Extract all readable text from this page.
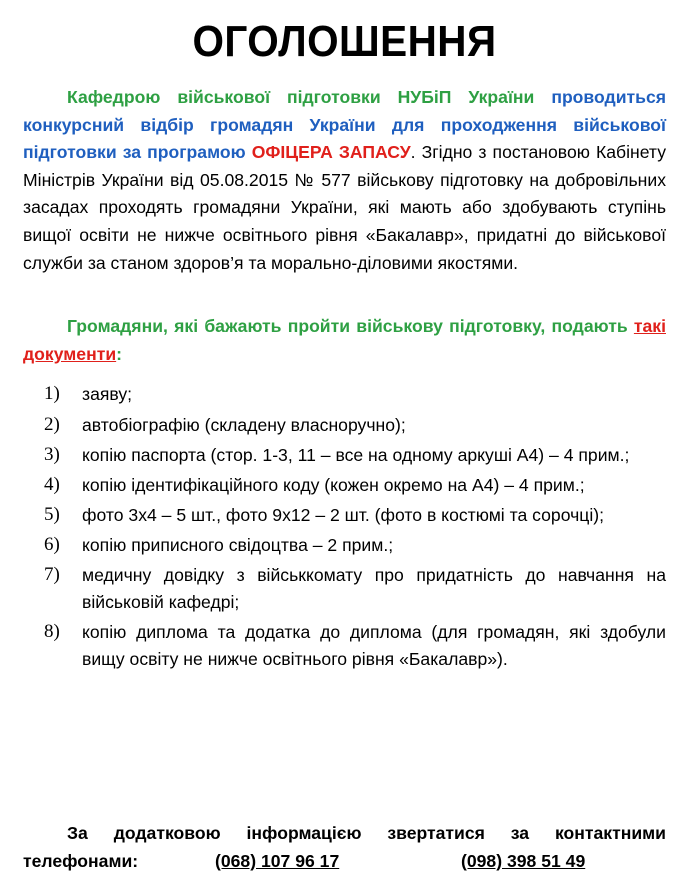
ОГОЛОШЕННЯ

Кафедрою військової підготовки НУБіП України проводиться конкурсний відбір громадян України для проходження військової підготовки за програмою ОФІЦЕРА ЗАПАСУ. Згідно з постановою Кабінету Міністрів України від 05.08.2015 № 577 військову підготовку на добровільних засадах проходять громадяни України, які мають або здобувають ступінь вищої освіти не нижче освітнього рівня «Бакалавр», придатні до військової служби за станом здоров’я та морально-діловими якостями.

Громадяни, які бажають пройти військову підготовку, подають такі документи:

1)	заяву;
2)	автобіографію (складену власноручно);
3)	копію паспорта (стор. 1-3, 11 – все на одному аркуші А4) – 4 прим.;
4)	копію ідентифікаційного коду (кожен окремо на А4) – 4 прим.;
5)	фото 3х4 – 5 шт., фото 9х12 – 2 шт. (фото в костюмі та сорочці);
6)	копію приписного свідоцтва – 2 прим.;
7)	медичну довідку з військкомату про придатність до навчання на військовій кафедрі;
8)	копію диплома та додатка до диплома (для громадян, які здобули вищу освіту не нижче освітнього рівня «Бакалавр»).
За додатковою інформацією звертатися за контактними
телефонами:	(068) 107 96 17	(098) 398 51 49
